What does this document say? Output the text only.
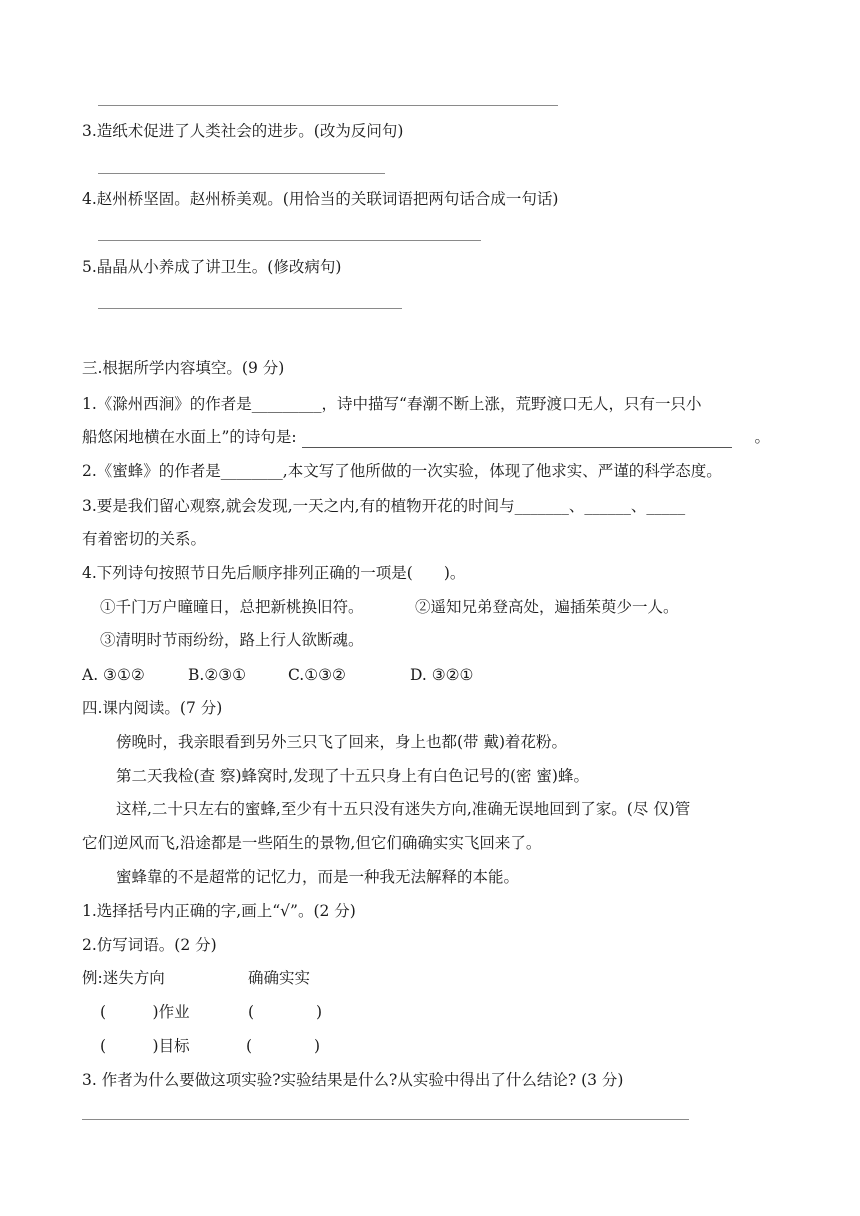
3.造纸术促进了人类社会的进步。(改为反问句)
4.赵州桥坚固。赵州桥美观。(用恰当的关联词语把两句话合成一句话)
5.晶晶从小养成了讲卫生。(修改病句)
三.根据所学内容填空。(9 分)
1.《滁州西涧》的作者是_________，诗中描写“春潮不断上涨，荒野渡口无人，只有一只小
船悠闲地横在水面上”的诗句是:	。
2.《蜜蜂》的作者是________,本文写了他所做的一次实验，体现了他求实、严谨的科学态度。
3.要是我们留心观察,就会发现,一天之内,有的植物开花的时间与_______、______、_____
有着密切的关系。
4.下列诗句按照节日先后顺序排列正确的一项是(　　)。
①千门万户曈曈日，总把新桃换旧符。	②遥知兄弟登高处，遍插茱萸少一人。
③清明时节雨纷纷，路上行人欲断魂。
A. ③①②	B.②③①	C.①③②	D. ③②①
四.课内阅读。(7 分)
傍晚时，我亲眼看到另外三只飞了回来，身上也都(带 戴)着花粉。
第二天我检(查 察)蜂窝时,发现了十五只身上有白色记号的(密 蜜)蜂。
这样,二十只左右的蜜蜂,至少有十五只没有迷失方向,准确无误地回到了家。(尽 仅)管
它们逆风而飞,沿途都是一些陌生的景物,但它们确确实实飞回来了。
蜜蜂靠的不是超常的记忆力，而是一种我无法解释的本能。
1.选择括号内正确的字,画上“√”。(2 分)
2.仿写词语。(2 分)
例:迷失方向	确确实实
(　　　)作业	(　　　　)
(　　　)目标	(　　　　)
3. 作者为什么要做这项实验?实验结果是什么?从实验中得出了什么结论? (3 分)
